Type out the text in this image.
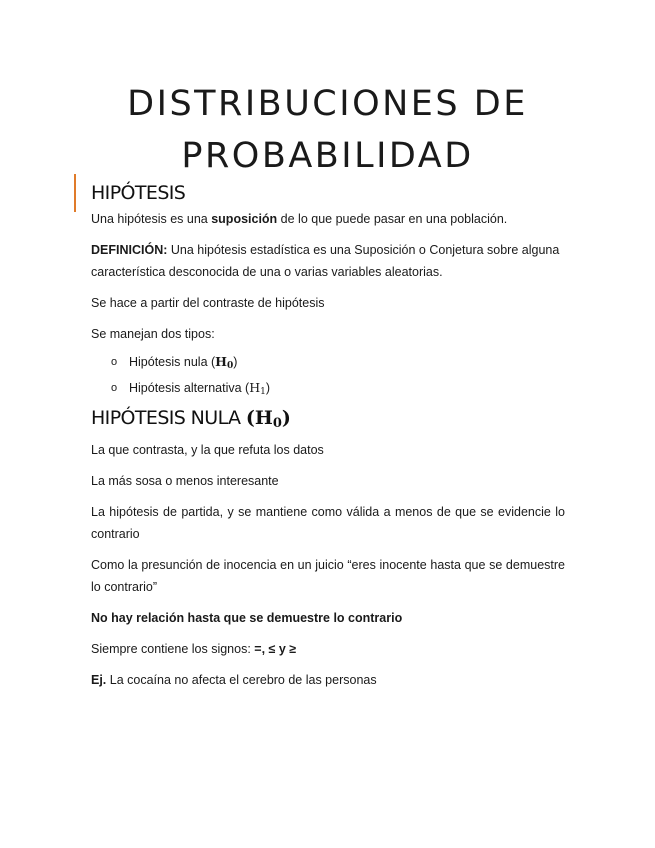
DISTRIBUCIONES DE
PROBABILIDAD
HIPÓTESIS

Una hipótesis es una suposición de lo que puede pasar en una población.

DEFINICIÓN: Una hipótesis estadística es una Suposición o Conjetura sobre alguna característica desconocida de una o varias variables aleatorias.

Se hace a partir del contraste de hipótesis

Se manejan dos tipos:

o Hipótesis nula $(H_0)$
o Hipótesis alternativa $(H_1)$
HIPÓTESIS NULA $(H_0)$

La que contrasta, y la que refuta los datos

La más sosa o menos interesante

La hipótesis de partida, y se mantiene como válida a menos de que se evidencie lo contrario

Como la presunción de inocencia en un juicio “eres inocente hasta que se demuestre lo contrario”

No hay relación hasta que se demuestre lo contrario

Siempre contiene los signos: =, ≤ y ≥

Ej. La cocaína no afecta el cerebro de las personas
